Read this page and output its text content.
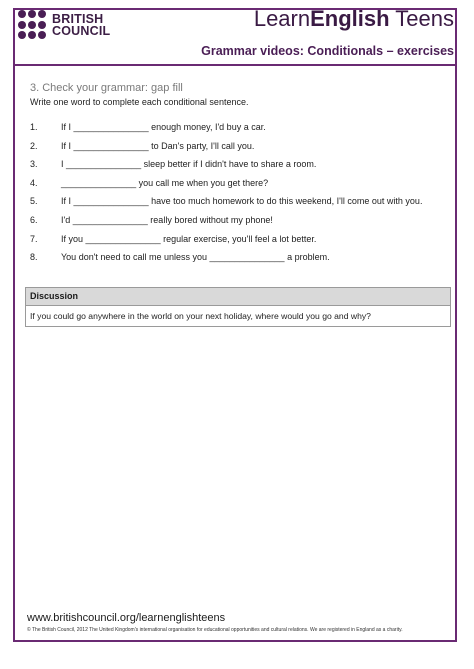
BRITISH
COUNCIL	LearnEnglish Teens
Grammar videos: Conditionals – exercises
3. Check your grammar: gap fill
Write one word to complete each conditional sentence.
1.	If I _______________ enough money, I'd buy a car.
2.	If I _______________ to Dan's party, I'll call you.
3.	I _______________ sleep better if I didn't have to share a room.
4.	_______________ you call me when you get there?
5.	If I _______________ have too much homework to do this weekend, I'll come out with you.
6.	I'd _______________ really bored without my phone!
7.	If you _______________ regular exercise, you'll feel a lot better.
8.	You don't need to call me unless you _______________ a problem.
Discussion
If you could go anywhere in the world on your next holiday, where would you go and why?
www.britishcouncil.org/learnenglishteens
© The British Council, 2012 The United Kingdom's international organisation for educational opportunities and cultural relations. We are registered in England as a charity.
